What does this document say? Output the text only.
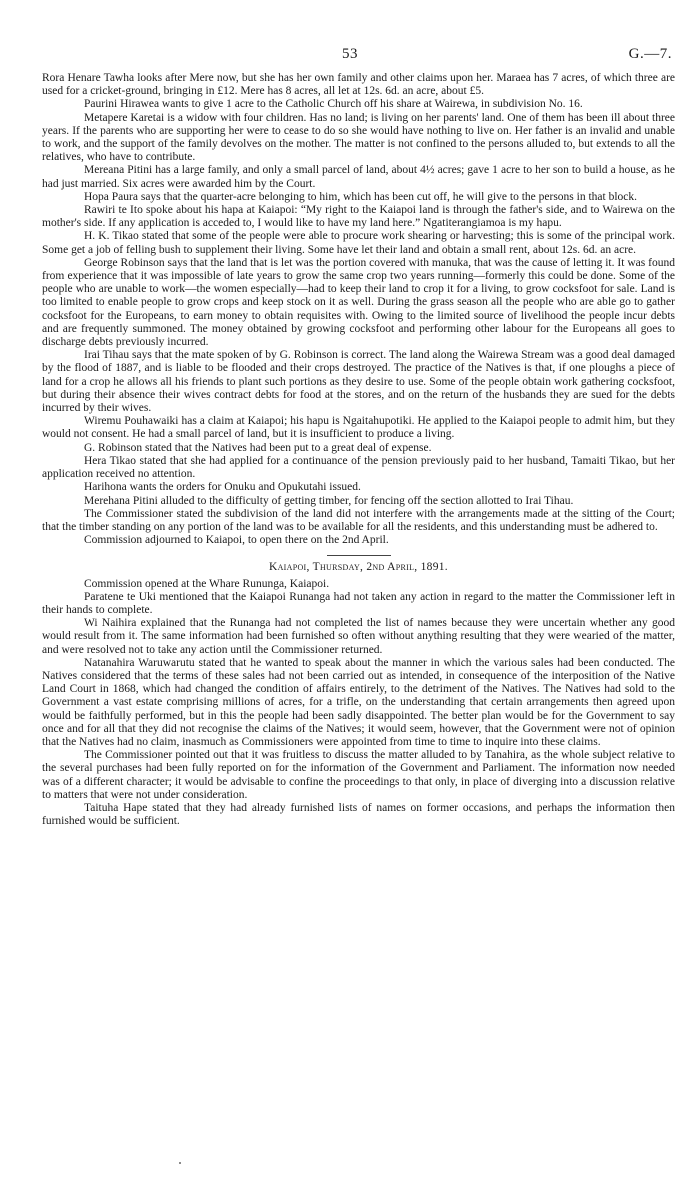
53	G.—7.

Rora Henare Tawha looks after Mere now, but she has her own family and other claims upon her. Maraea has 7 acres, of which three are used for a cricket-ground, bringing in £12. Mere has 8 acres, all let at 12s. 6d. an acre, about £5.

Paurini Hirawea wants to give 1 acre to the Catholic Church off his share at Wairewa, in subdivision No. 16.

Metapere Karetai is a widow with four children. Has no land; is living on her parents' land. One of them has been ill about three years. If the parents who are supporting her were to cease to do so she would have nothing to live on. Her father is an invalid and unable to work, and the support of the family devolves on the mother. The matter is not confined to the persons alluded to, but extends to all the relatives, who have to contribute.

Mereana Pitini has a large family, and only a small parcel of land, about 4½ acres; gave 1 acre to her son to build a house, as he had just married. Six acres were awarded him by the Court.

Hopa Paura says that the quarter-acre belonging to him, which has been cut off, he will give to the persons in that block.

Rawiri te Ito spoke about his hapa at Kaiapoi: “My right to the Kaiapoi land is through the father's side, and to Wairewa on the mother's side. If any application is acceded to, I would like to have my land here.” Ngatiterangiamoa is my hapu.

H. K. Tikao stated that some of the people were able to procure work shearing or harvesting; this is some of the principal work. Some get a job of felling bush to supplement their living. Some have let their land and obtain a small rent, about 12s. 6d. an acre.

George Robinson says that the land that is let was the portion covered with manuka, that was the cause of letting it. It was found from experience that it was impossible of late years to grow the same crop two years running—formerly this could be done. Some of the people who are unable to work—the women especially—had to keep their land to crop it for a living, to grow cocksfoot for sale. Land is too limited to enable people to grow crops and keep stock on it as well. During the grass season all the people who are able go to gather cocksfoot for the Europeans, to earn money to obtain requisites with. Owing to the limited source of livelihood the people incur debts and are frequently summoned. The money obtained by growing cocksfoot and performing other labour for the Europeans all goes to discharge debts previously incurred.

Irai Tihau says that the mate spoken of by G. Robinson is correct. The land along the Wairewa Stream was a good deal damaged by the flood of 1887, and is liable to be flooded and their crops destroyed. The practice of the Natives is that, if one ploughs a piece of land for a crop he allows all his friends to plant such portions as they desire to use. Some of the people obtain work gathering cocksfoot, but during their absence their wives contract debts for food at the stores, and on the return of the husbands they are sued for the debts incurred by their wives.

Wiremu Pouhawaiki has a claim at Kaiapoi; his hapu is Ngaitahupotiki. He applied to the Kaiapoi people to admit him, but they would not consent. He had a small parcel of land, but it is insufficient to produce a living.

G. Robinson stated that the Natives had been put to a great deal of expense.

Hera Tikao stated that she had applied for a continuance of the pension previously paid to her husband, Tamaiti Tikao, but her application received no attention.

Harihona wants the orders for Onuku and Opukutahi issued.

Merehana Pitini alluded to the difficulty of getting timber, for fencing off the section allotted to Irai Tihau.

The Commissioner stated the subdivision of the land did not interfere with the arrangements made at the sitting of the Court; that the timber standing on any portion of the land was to be available for all the residents, and this understanding must be adhered to.

Commission adjourned to Kaiapoi, to open there on the 2nd April.

Kaiapoi, Thursday, 2nd April, 1891.

Commission opened at the Whare Rununga, Kaiapoi.

Paratene te Uki mentioned that the Kaiapoi Runanga had not taken any action in regard to the matter the Commissioner left in their hands to complete.

Wi Naihira explained that the Runanga had not completed the list of names because they were uncertain whether any good would result from it. The same information had been furnished so often without anything resulting that they were wearied of the matter, and were resolved not to take any action until the Commissioner returned.

Natanahira Waruwarutu stated that he wanted to speak about the manner in which the various sales had been conducted. The Natives considered that the terms of these sales had not been carried out as intended, in consequence of the interposition of the Native Land Court in 1868, which had changed the condition of affairs entirely, to the detriment of the Natives. The Natives had sold to the Government a vast estate comprising millions of acres, for a trifle, on the understanding that certain arrangements then agreed upon would be faithfully performed, but in this the people had been sadly disappointed. The better plan would be for the Government to say once and for all that they did not recognise the claims of the Natives; it would seem, however, that the Government were not of opinion that the Natives had no claim, inasmuch as Commissioners were appointed from time to time to inquire into these claims.

The Commissioner pointed out that it was fruitless to discuss the matter alluded to by Tanahira, as the whole subject relative to the several purchases had been fully reported on for the information of the Government and Parliament. The information now needed was of a different character; it would be advisable to confine the proceedings to that only, in place of diverging into a discussion relative to matters that were not under consideration.

Taituha Hape stated that they had already furnished lists of names on former occasions, and perhaps the information then furnished would be sufficient.
